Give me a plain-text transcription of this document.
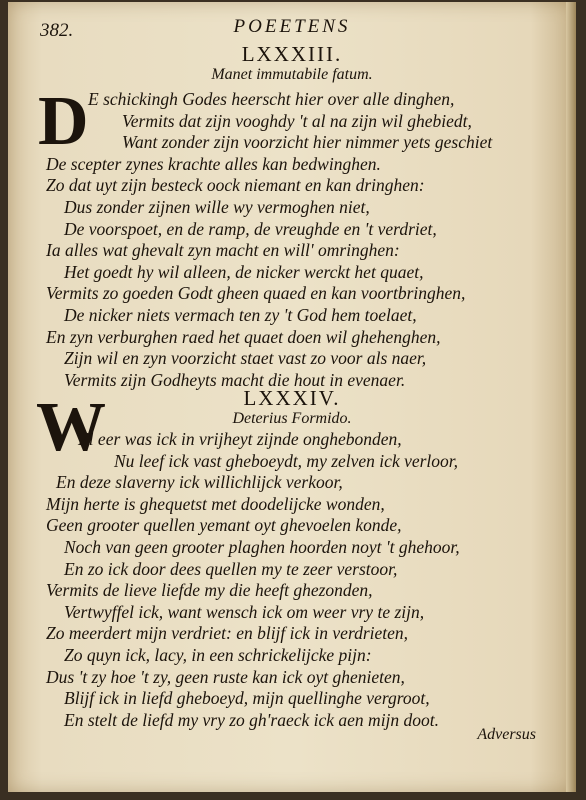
382.	POEETENS
LXXXIII.
Manet immutabile fatum.
D E schickingh Godes heerscht hier over alle dinghen,
Vermits dat zijn vooghdy 't al na zijn wil ghebiedt,
Want zonder zijn voorzicht hier nimmer yets geschiet
De scepter zynes krachte alles kan bedwinghen.
Zo dat uyt zijn besteck oock niemant en kan dringhen:
Dus zonder zijnen wille wy vermoghen niet,
De voorspoet, en de ramp, de vreughde en 't verdriet,
Ia alles wat ghevalt zyn macht en will' omringhen:
Het goedt hy wil alleen, de nicker werckt het quaet,
Vermits zo goeden Godt gheen quaed en kan voortbringhen,
De nicker niets vermach ten zy 't God hem toelaet,
En zyn verburghen raed het quaet doen wil ghehenghen,
Zijn wil en zyn voorzicht staet vast zo voor als naer,
Vermits zijn Godheyts macht die hout in evenaer.
LXXXIV.
Deterius Formido.
W
El eer was ick in vrijheyt zijnde onghebonden,
Nu leef ick vast gheboeydt, my zelven ick verloor,
En deze slaverny ick willichlijck verkoor,
Mijn herte is ghequetst met doodelijcke wonden,
Geen grooter quellen yemant oyt ghevoelen konde,
Noch van geen grooter plaghen hoorden noyt 't ghehoor,
En zo ick door dees quellen my te zeer verstoor,
Vermits de lieve liefde my die heeft ghezonden,
Vertwyffel ick, want wensch ick om weer vry te zijn,
Zo meerdert mijn verdriet: en blijf ick in verdrieten,
Zo quyn ick, lacy, in een schrickelijcke pijn:
Dus 't zy hoe 't zy, geen ruste kan ick oyt ghenieten,
Blijf ick in liefd gheboeyd, mijn quellinghe vergroot,
En stelt de liefd my vry zo gh'raeck ick aen mijn doot.
Adversus
